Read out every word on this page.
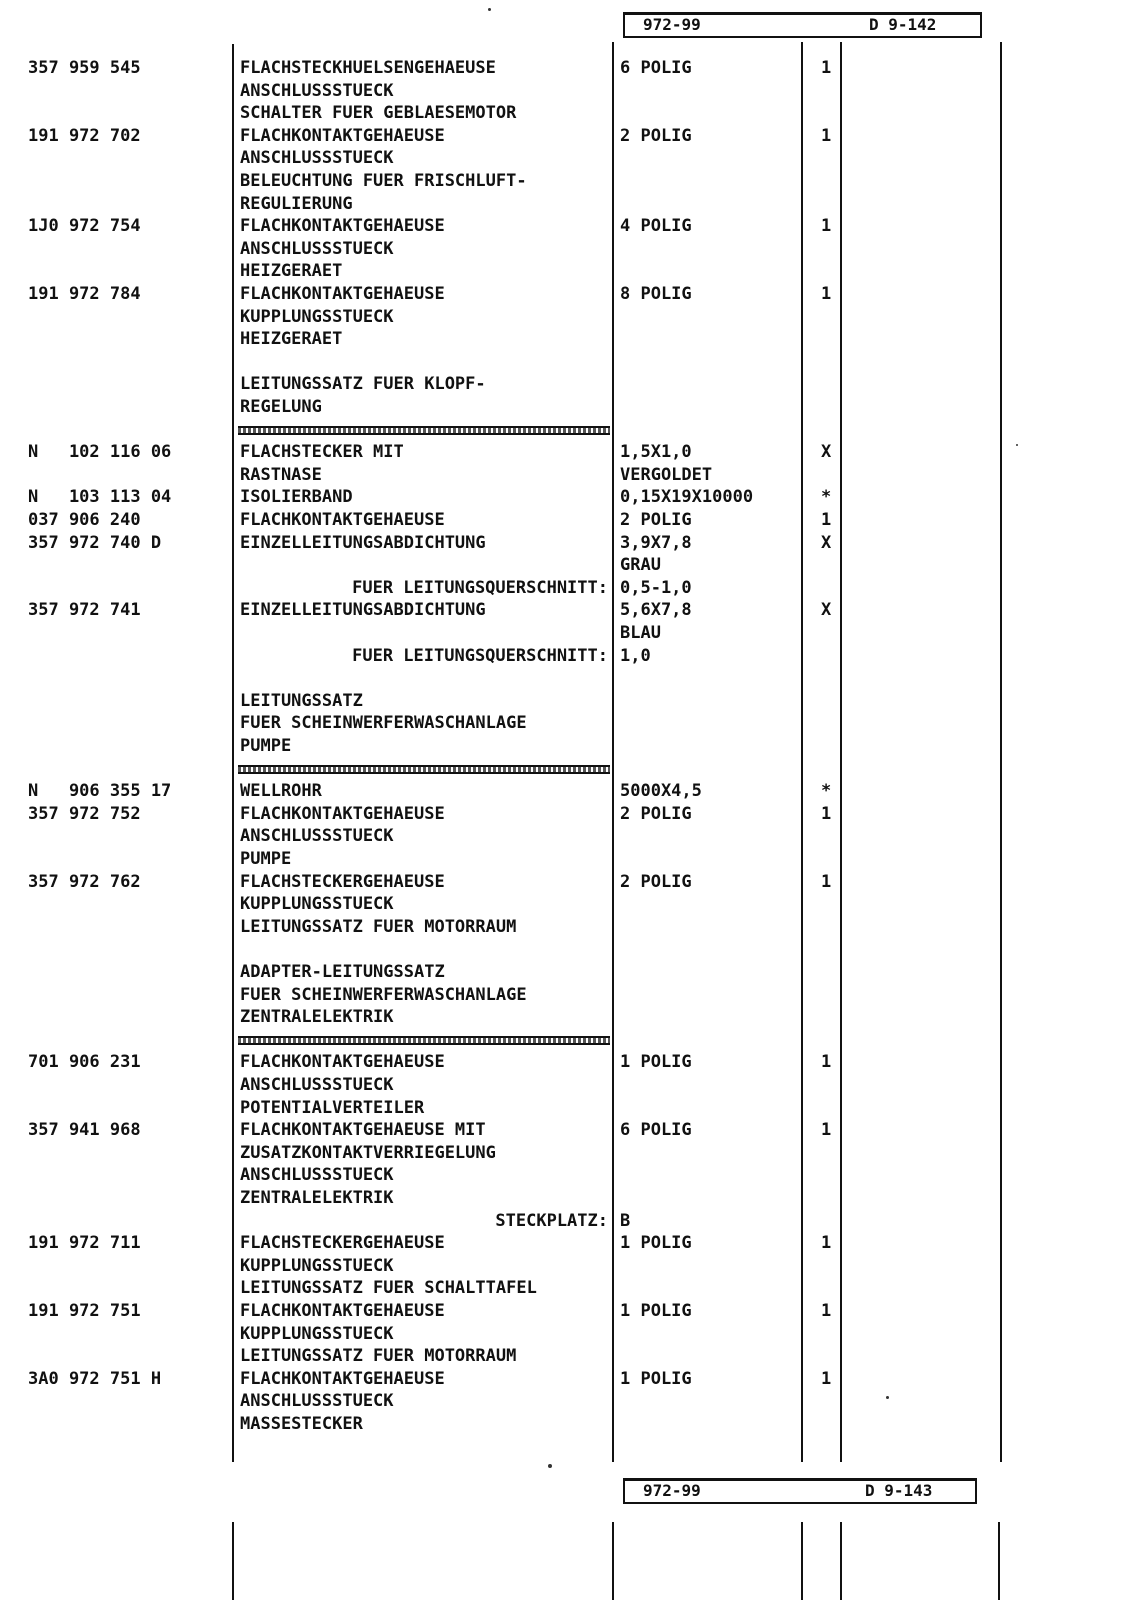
972-99	D 9-142
972-99	D 9-143
357 959 545	FLACHSTECKHUELSENGEHAEUSE	6 POLIG	1
ANSCHLUSSSTUECK
SCHALTER FUER GEBLAESEMOTOR
191 972 702	FLACHKONTAKTGEHAEUSE	2 POLIG	1
ANSCHLUSSSTUECK
BELEUCHTUNG FUER FRISCHLUFT-
REGULIERUNG
1J0 972 754	FLACHKONTAKTGEHAEUSE	4 POLIG	1
ANSCHLUSSSTUECK
HEIZGERAET
191 972 784	FLACHKONTAKTGEHAEUSE	8 POLIG	1
KUPPLUNGSSTUECK
HEIZGERAET
LEITUNGSSATZ FUER KLOPF-
REGELUNG
N   102 116 06	FLACHSTECKER MIT	1,5X1,0	X
RASTNASE	VERGOLDET
N   103 113 04	ISOLIERBAND	0,15X19X10000	*
037 906 240	FLACHKONTAKTGEHAEUSE	2 POLIG	1
357 972 740 D	EINZELLEITUNGSABDICHTUNG	3,9X7,8	X
GRAU
FUER LEITUNGSQUERSCHNITT: 0,5-1,0
357 972 741	EINZELLEITUNGSABDICHTUNG	5,6X7,8	X
BLAU
FUER LEITUNGSQUERSCHNITT: 1,0
LEITUNGSSATZ
FUER SCHEINWERFERWASCHANLAGE
PUMPE
N   906 355 17	WELLROHR	5000X4,5	*
357 972 752	FLACHKONTAKTGEHAEUSE	2 POLIG	1
ANSCHLUSSSTUECK
PUMPE
357 972 762	FLACHSTECKERGEHAEUSE	2 POLIG	1
KUPPLUNGSSTUECK
LEITUNGSSATZ FUER MOTORRAUM
ADAPTER-LEITUNGSSATZ
FUER SCHEINWERFERWASCHANLAGE
ZENTRALELEKTRIK
701 906 231	FLACHKONTAKTGEHAEUSE	1 POLIG	1
ANSCHLUSSSTUECK
POTENTIALVERTEILER
357 941 968	FLACHKONTAKTGEHAEUSE MIT	6 POLIG	1
ZUSATZKONTAKTVERRIEGELUNG
ANSCHLUSSSTUECK
ZENTRALELEKTRIK
STECKPLATZ: B
191 972 711	FLACHSTECKERGEHAEUSE	1 POLIG	1
KUPPLUNGSSTUECK
LEITUNGSSATZ FUER SCHALTTAFEL
191 972 751	FLACHKONTAKTGEHAEUSE	1 POLIG	1
KUPPLUNGSSTUECK
LEITUNGSSATZ FUER MOTORRAUM
3A0 972 751 H	FLACHKONTAKTGEHAEUSE	1 POLIG	1
ANSCHLUSSSTUECK
MASSESTECKER
